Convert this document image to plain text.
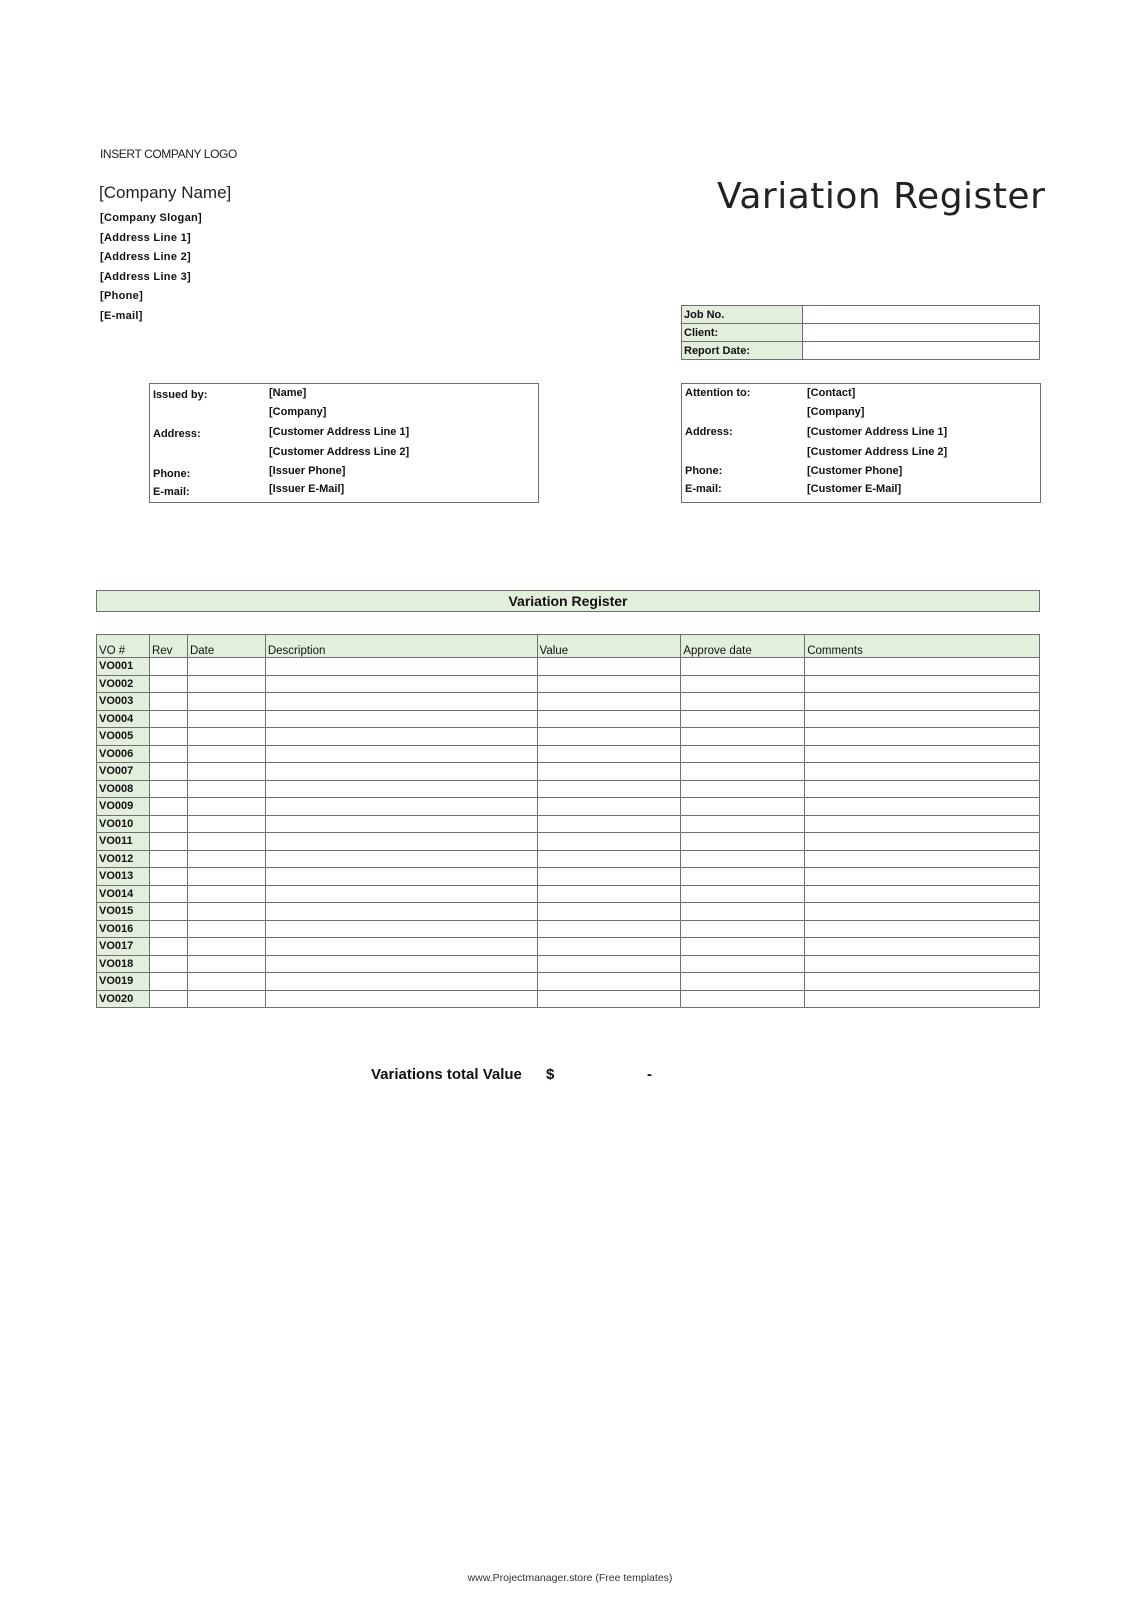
INSERT COMPANY LOGO
[Company Name]
[Company Slogan]
[Address Line 1]
[Address Line 2]
[Address Line 3]
[Phone]
[E-mail]
Variation Register
Job No.	
Client:	
Report Date:	
Issued by:	[Name]
[Company]
Address:	[Customer Address Line 1]
[Customer Address Line 2]
Phone:	[Issuer Phone]
E-mail:	[Issuer E-Mail]
Attention to:	[Contact]
[Company]
Address:	[Customer Address Line 1]
[Customer Address Line 2]
Phone:	[Customer Phone]
E-mail:	[Customer E-Mail]
Variation Register
VO #	Rev	Date	Description	Value	Approve date	Comments
VO001						
VO002						
VO003						
VO004						
VO005						
VO006						
VO007						
VO008						
VO009						
VO010						
VO011						
VO012						
VO013						
VO014						
VO015						
VO016						
VO017						
VO018						
VO019						
VO020						
Variations total Value $	-
www.Projectmanager.store (Free templates)
